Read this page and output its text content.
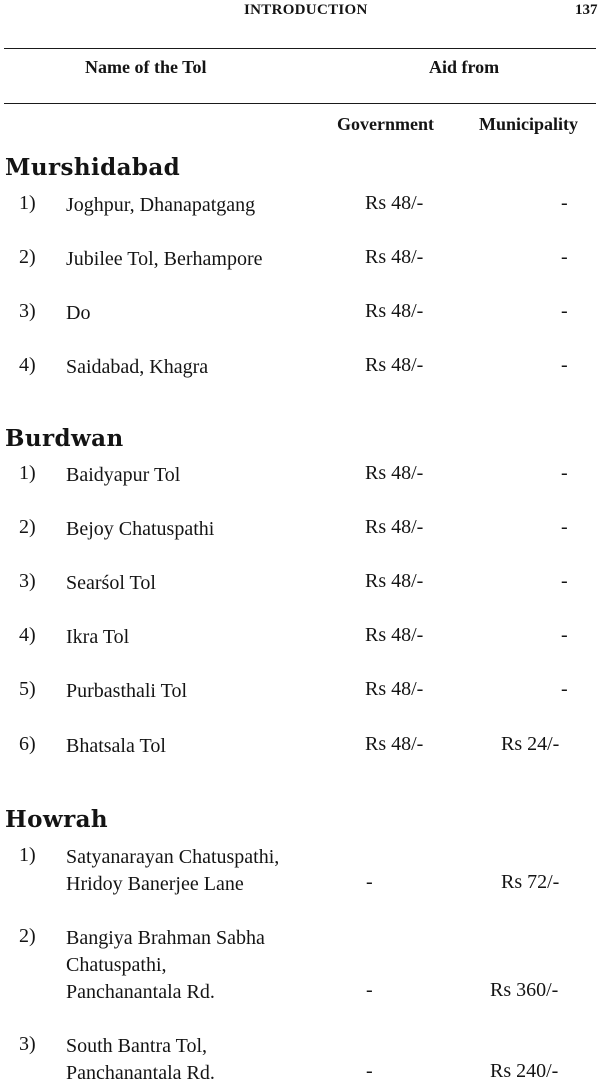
INTRODUCTION	137
Name of the Tol	Aid from
Government	Municipality
Murshidabad
1) Joghpur, Dhanapatgang	Rs 48/-	-
2) Jubilee Tol, Berhampore	Rs 48/-	-
3) Do	Rs 48/-	-
4) Saidabad, Khagra	Rs 48/-	-
Burdwan
1) Baidyapur Tol	Rs 48/-	-
2) Bejoy Chatuspathi	Rs 48/-	-
3) Searśol Tol	Rs 48/-	-
4) Ikra Tol	Rs 48/-	-
5) Purbasthali Tol	Rs 48/-	-
6) Bhatsala Tol	Rs 48/-	Rs 24/-
Howrah
1) Satyanarayan Chatuspathi,
Hridoy Banerjee Lane	-	Rs 72/-
2) Bangiya Brahman Sabha
Chatuspathi,
Panchanantala Rd.	-	Rs 360/-
3) South Bantra Tol,
Panchanantala Rd.	-	Rs 240/-
